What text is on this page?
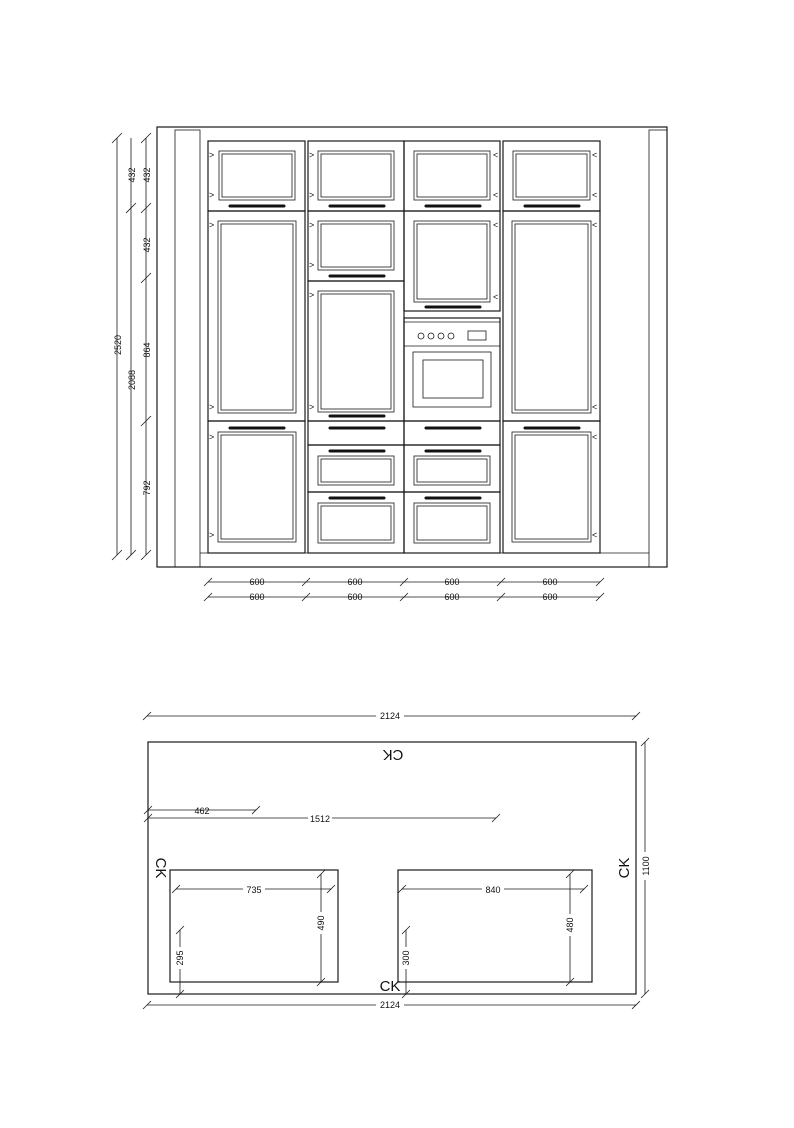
>
>
>
>
>
>
<
<
<
<
<
<
>
>
>
>
>
>
<
<
<
<
2520
2088
432 432
432
864
792
600	600	600	600
600	600	600	600
2124
CK
CK	CK
CK
1100
462
1512
735
490
295
840
480
300
2124
